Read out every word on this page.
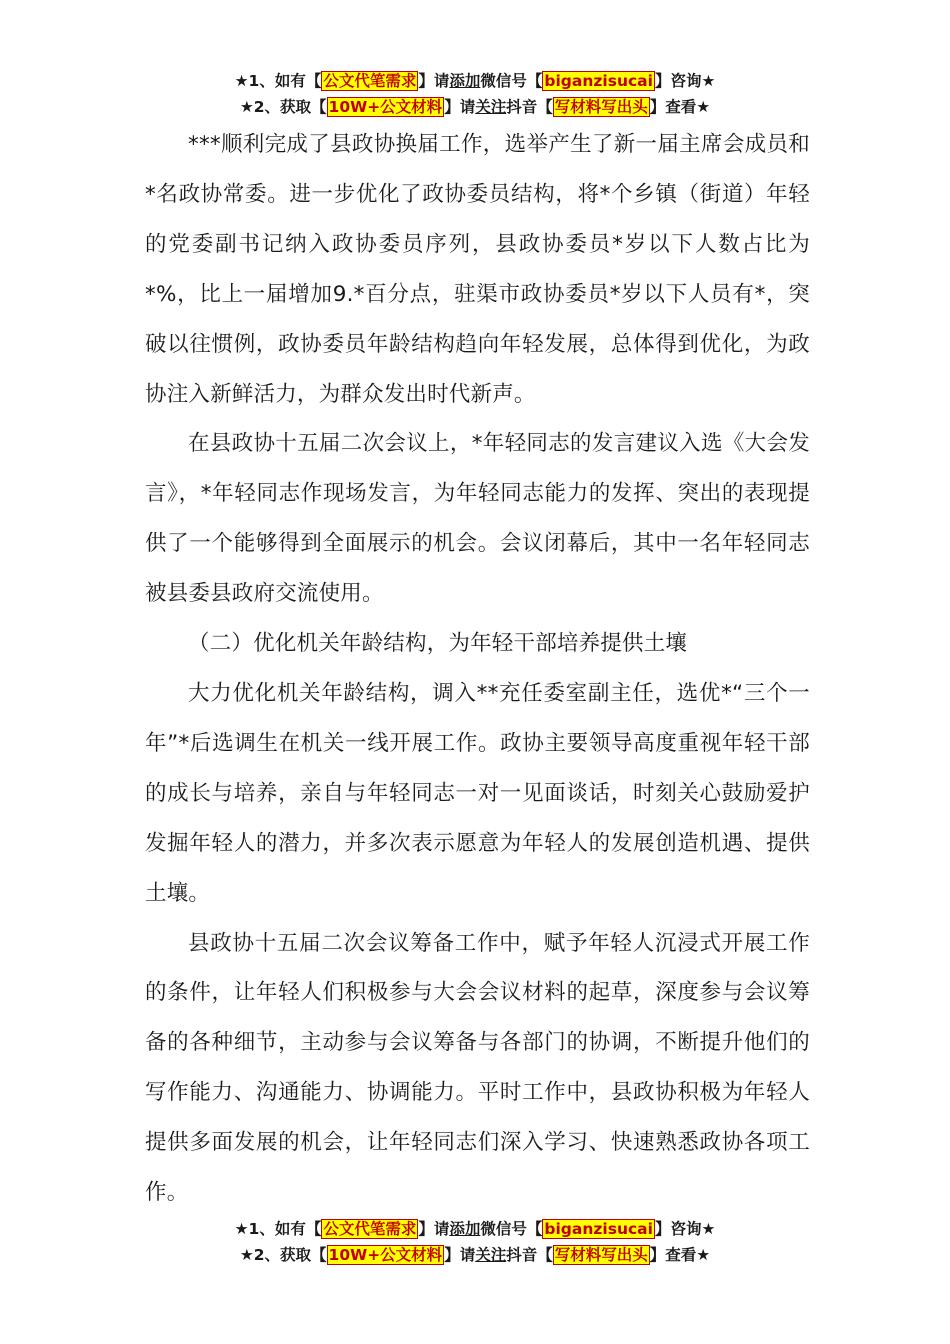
★1、如有【 公文代笔需求 】请添加微信号【 biganzisucai 】咨询★
★2、获取【 10W+公文材料 】请关注抖音【 写材料写出头 】查看★

***顺利完成了县政协换届工作，选举产生了新一届主席会成员和*名政协常委。进一步优化了政协委员结构，将*个乡镇（街道）年轻的党委副书记纳入政协委员序列，县政协委员*岁以下人数占比为*%，比上一届增加9.*百分点，驻渠市政协委员*岁以下人员有*，突破以往惯例，政协委员年龄结构趋向年轻发展，总体得到优化，为政协注入新鲜活力，为群众发出时代新声。

在县政协十五届二次会议上，*年轻同志的发言建议入选《大会发言》，*年轻同志作现场发言，为年轻同志能力的发挥、突出的表现提供了一个能够得到全面展示的机会。会议闭幕后，其中一名年轻同志被县委县政府交流使用。

（二）优化机关年龄结构，为年轻干部培养提供土壤

大力优化机关年龄结构，调入**充任委室副主任，选优*“三个一年”*后选调生在机关一线开展工作。政协主要领导高度重视年轻干部的成长与培养，亲自与年轻同志一对一见面谈话，时刻关心鼓励爱护发掘年轻人的潜力，并多次表示愿意为年轻人的发展创造机遇、提供土壤。

县政协十五届二次会议筹备工作中，赋予年轻人沉浸式开展工作的条件，让年轻人们积极参与大会会议材料的起草，深度参与会议筹备的各种细节，主动参与会议筹备与各部门的协调，不断提升他们的写作能力、沟通能力、协调能力。平时工作中，县政协积极为年轻人提供多面发展的机会，让年轻同志们深入学习、快速熟悉政协各项工作。

★1、如有【 公文代笔需求 】请添加微信号【 biganzisucai 】咨询★
★2、获取【 10W+公文材料 】请关注抖音【 写材料写出头 】查看★
